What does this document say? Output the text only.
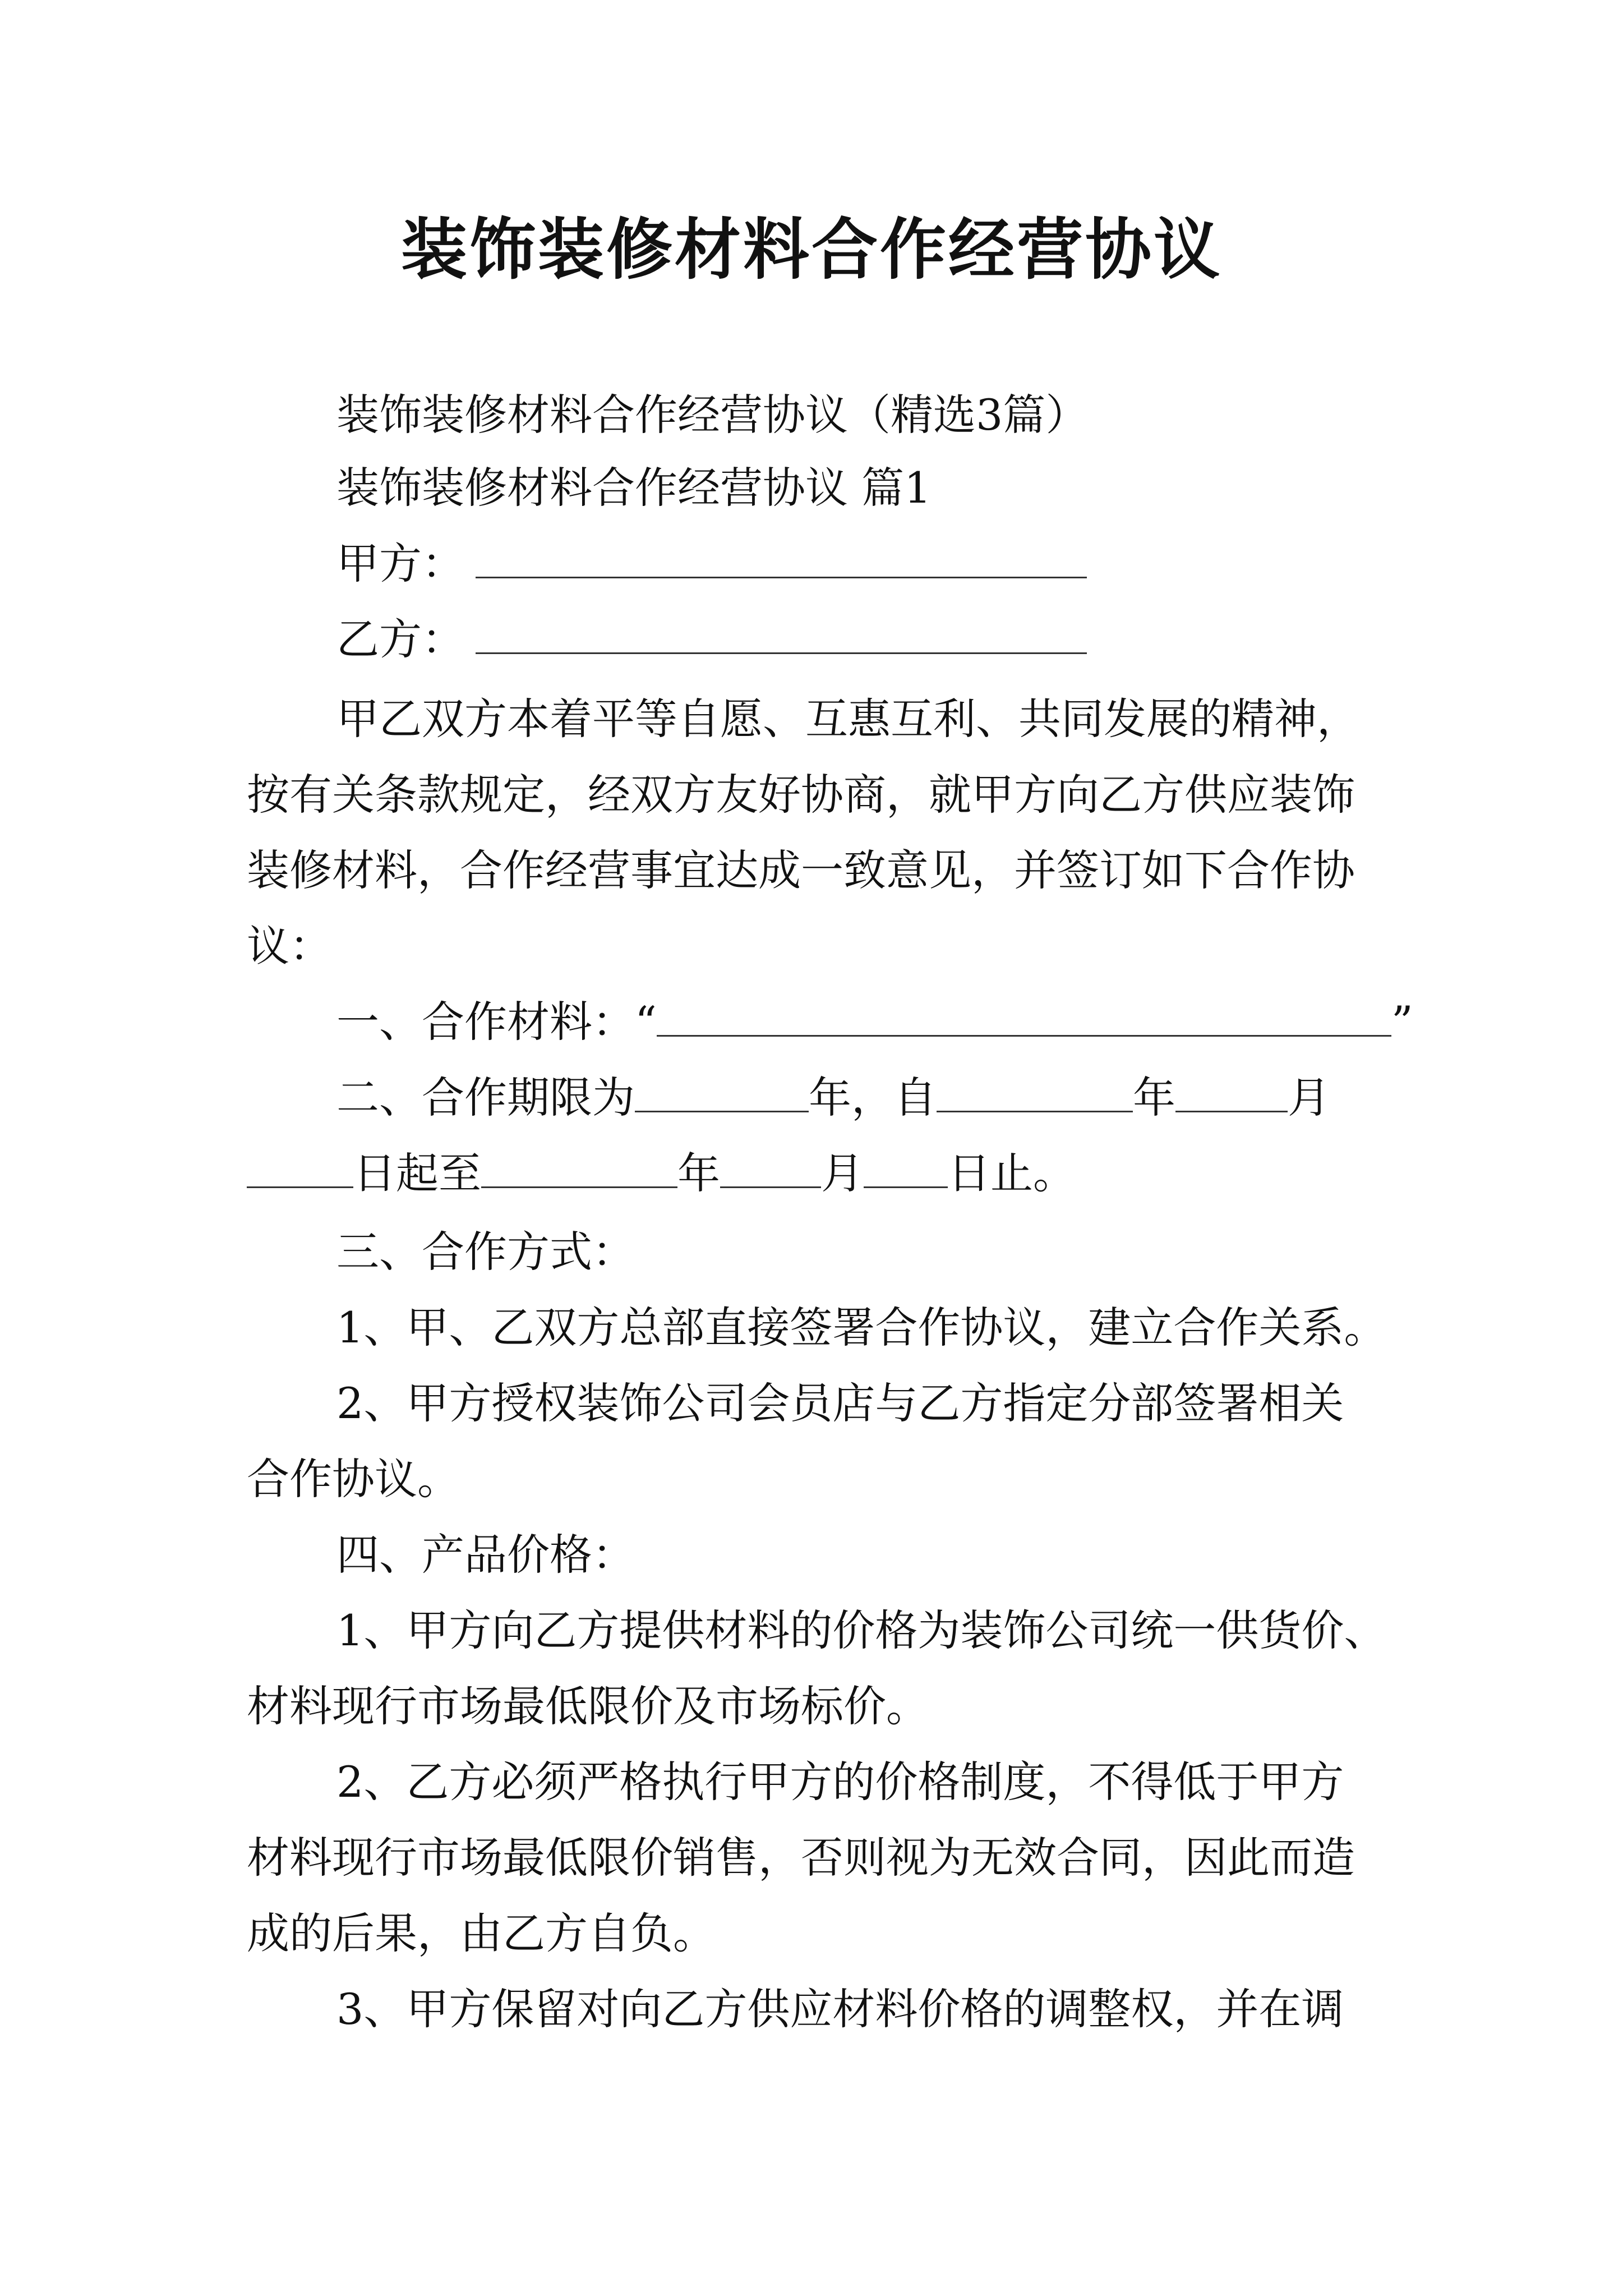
装饰装修材料合作经营协议
装饰装修材料合作经营协议（精选3篇）
装饰装修材料合作经营协议 篇1
甲方：
乙方：
甲乙双方本着平等自愿、互惠互利、共同发展的精神，
按有关条款规定，经双方友好协商，就甲方向乙方供应装饰
装修材料，合作经营事宜达成一致意见，并签订如下合作协
议：
一、合作材料：“	”
二、合作期限为	年，自	年	月
日起至	年 月 日止。
三、合作方式：
1、甲、乙双方总部直接签署合作协议，建立合作关系。
2、甲方授权装饰公司会员店与乙方指定分部签署相关
合作协议。
四、产品价格：
1、甲方向乙方提供材料的价格为装饰公司统一供货价、
材料现行市场最低限价及市场标价。
2、乙方必须严格执行甲方的价格制度，不得低于甲方
材料现行市场最低限价销售，否则视为无效合同，因此而造
成的后果，由乙方自负。
3、甲方保留对向乙方供应材料价格的调整权，并在调
